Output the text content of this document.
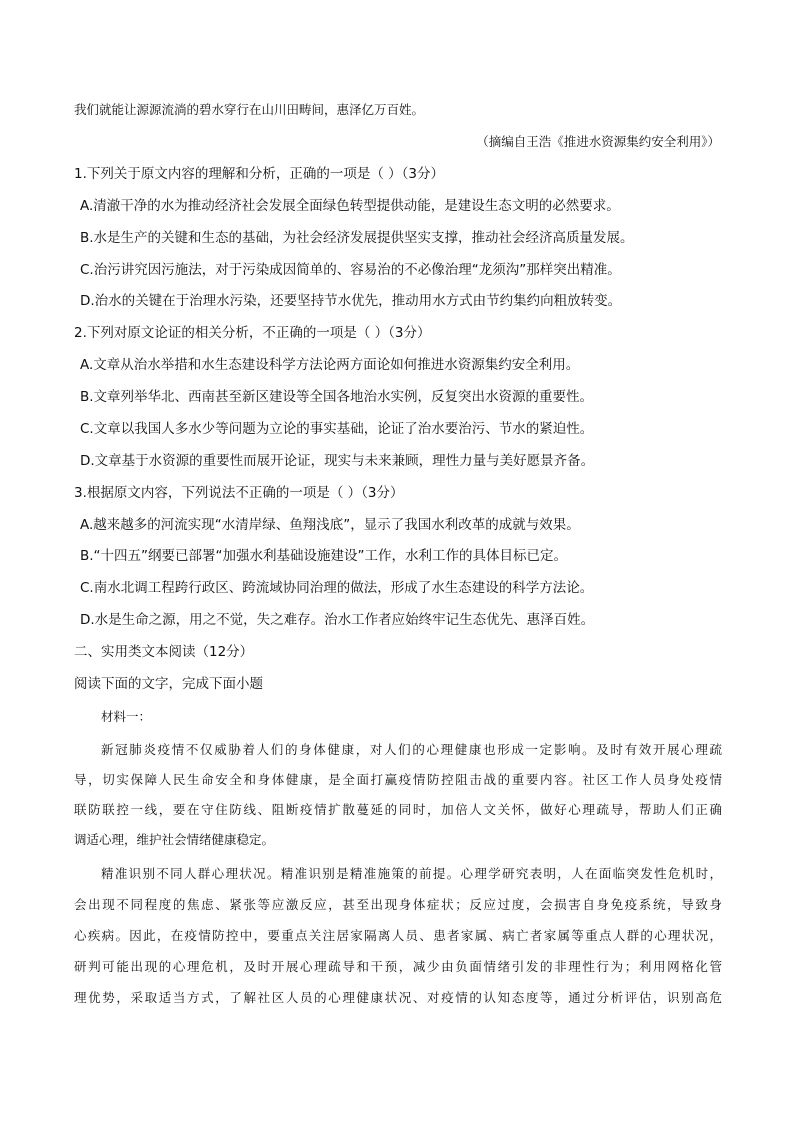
我们就能让源源流淌的碧水穿行在山川田畴间，惠泽亿万百姓。
（摘编自王浩《推进水资源集约安全利用》）
1.下列关于原文内容的理解和分析，正确的一项是（ ）（3分）
A.清澈干净的水为推动经济社会发展全面绿色转型提供动能，是建设生态文明的必然要求。
B.水是生产的关键和生态的基础，为社会经济发展提供坚实支撑，推动社会经济高质量发展。
C.治污讲究因污施法，对于污染成因简单的、容易治的不必像治理“龙须沟”那样突出精准。
D.治水的关键在于治理水污染，还要坚持节水优先，推动用水方式由节约集约向粗放转变。
2.下列对原文论证的相关分析，不正确的一项是（ ）（3分）
A.文章从治水举措和水生态建设科学方法论两方面论如何推进水资源集约安全利用。
B.文章列举华北、西南甚至新区建设等全国各地治水实例，反复突出水资源的重要性。
C.文章以我国人多水少等问题为立论的事实基础，论证了治水要治污、节水的紧迫性。
D.文章基于水资源的重要性而展开论证，现实与未来兼顾，理性力量与美好愿景齐备。
3.根据原文内容，下列说法不正确的一项是（ ）（3分）
A.越来越多的河流实现“水清岸绿、鱼翔浅底”，显示了我国水利改革的成就与效果。
B.“十四五”纲要已部署“加强水利基础设施建设”工作，水利工作的具体目标已定。
C.南水北调工程跨行政区、跨流域协同治理的做法，形成了水生态建设的科学方法论。
D.水是生命之源，用之不觉，失之难存。治水工作者应始终牢记生态优先、惠泽百姓。
二、实用类文本阅读（12分）
阅读下面的文字，完成下面小题
材料一：
新冠肺炎疫情不仅威胁着人们的身体健康，对人们的心理健康也形成一定影响。及时有效开展心理疏
导，切实保障人民生命安全和身体健康，是全面打赢疫情防控阻击战的重要内容。社区工作人员身处疫情
联防联控一线，要在守住防线、阻断疫情扩散蔓延的同时，加倍人文关怀，做好心理疏导，帮助人们正确
调适心理，维护社会情绪健康稳定。
精准识别不同人群心理状况。精准识别是精准施策的前提。心理学研究表明，人在面临突发性危机时，
会出现不同程度的焦虑、紧张等应激反应，甚至出现身体症状；反应过度，会损害自身免疫系统，导致身
心疾病。因此，在疫情防控中，要重点关注居家隔离人员、患者家属、病亡者家属等重点人群的心理状况，
研判可能出现的心理危机，及时开展心理疏导和干预，减少由负面情绪引发的非理性行为；利用网格化管
理优势，采取适当方式，了解社区人员的心理健康状况、对疫情的认知态度等，通过分析评估，识别高危
